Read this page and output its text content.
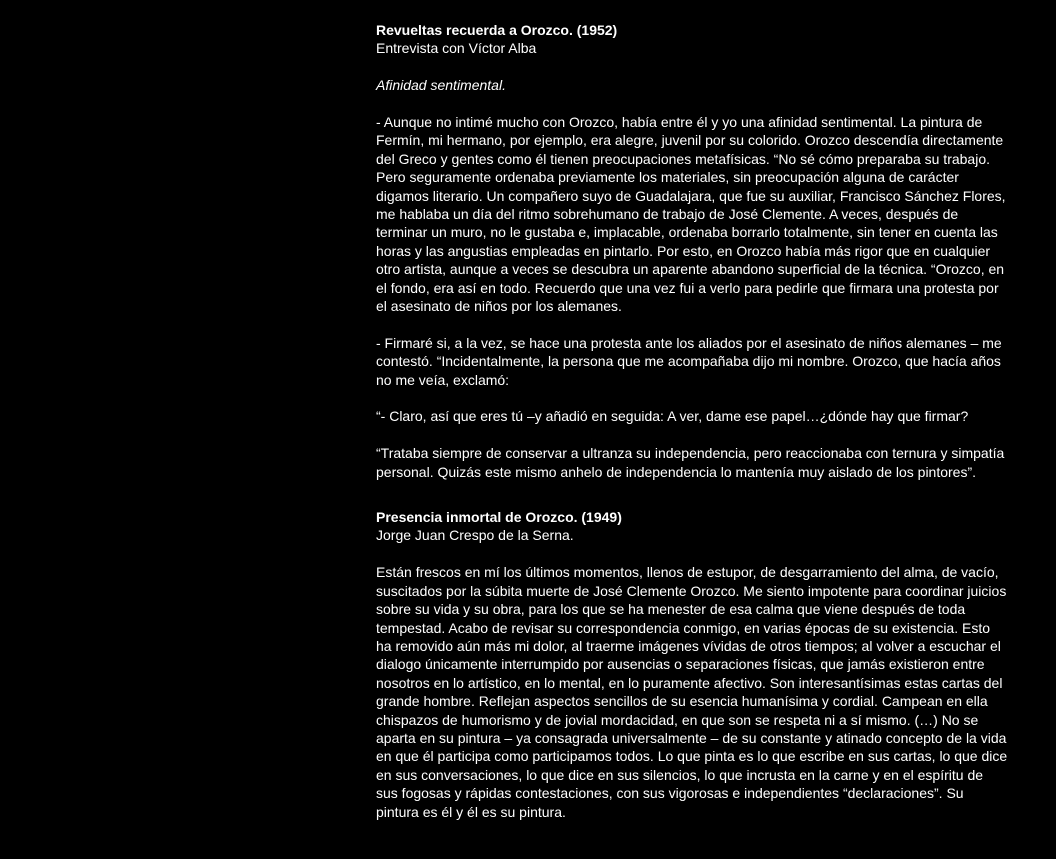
Revueltas recuerda a Orozco. (1952)

Entrevista con Víctor Alba

Afinidad sentimental.

- Aunque no intimé mucho con Orozco, había entre él y yo una afinidad sentimental. La pintura de
Fermín, mi hermano, por ejemplo, era alegre, juvenil por su colorido. Orozco descendía directamente
del Greco y gentes como él tienen preocupaciones metafísicas. “No sé cómo preparaba su trabajo.
Pero seguramente ordenaba previamente los materiales, sin preocupación alguna de carácter
digamos literario. Un compañero suyo de Guadalajara, que fue su auxiliar, Francisco Sánchez Flores,
me hablaba un día del ritmo sobrehumano de trabajo de José Clemente. A veces, después de
terminar un muro, no le gustaba e, implacable, ordenaba borrarlo totalmente, sin tener en cuenta las
horas y las angustias empleadas en pintarlo. Por esto, en Orozco había más rigor que en cualquier
otro artista, aunque a veces se descubra un aparente abandono superficial de la técnica. “Orozco, en
el fondo, era así en todo. Recuerdo que una vez fui a verlo para pedirle que firmara una protesta por
el asesinato de niños por los alemanes.

- Firmaré si, a la vez, se hace una protesta ante los aliados por el asesinato de niños alemanes – me
contestó. “Incidentalmente, la persona que me acompañaba dijo mi nombre. Orozco, que hacía años
no me veía, exclamó:

“- Claro, así que eres tú –y añadió en seguida: A ver, dame ese papel…¿dónde hay que firmar?

“Trataba siempre de conservar a ultranza su independencia, pero reaccionaba con ternura y simpatía
personal. Quizás este mismo anhelo de independencia lo mantenía muy aislado de los pintores”.

Presencia inmortal de Orozco. (1949)

Jorge Juan Crespo de la Serna.

Están frescos en mí los últimos momentos, llenos de estupor, de desgarramiento del alma, de vacío,
suscitados por la súbita muerte de José Clemente Orozco. Me siento impotente para coordinar juicios
sobre su vida y su obra, para los que se ha menester de esa calma que viene después de toda
tempestad. Acabo de revisar su correspondencia conmigo, en varias épocas de su existencia. Esto
ha removido aún más mi dolor, al traerme imágenes vívidas de otros tiempos; al volver a escuchar el
dialogo únicamente interrumpido por ausencias o separaciones físicas, que jamás existieron entre
nosotros en lo artístico, en lo mental, en lo puramente afectivo. Son interesantísimas estas cartas del
grande hombre. Reflejan aspectos sencillos de su esencia humanísima y cordial. Campean en ella
chispazos de humorismo y de jovial mordacidad, en que son se respeta ni a sí mismo. (…) No se
aparta en su pintura – ya consagrada universalmente – de su constante y atinado concepto de la vida
en que él participa como participamos todos. Lo que pinta es lo que escribe en sus cartas, lo que dice
en sus conversaciones, lo que dice en sus silencios, lo que incrusta en la carne y en el espíritu de
sus fogosas y rápidas contestaciones, con sus vigorosas e independientes “declaraciones”. Su
pintura es él y él es su pintura.
